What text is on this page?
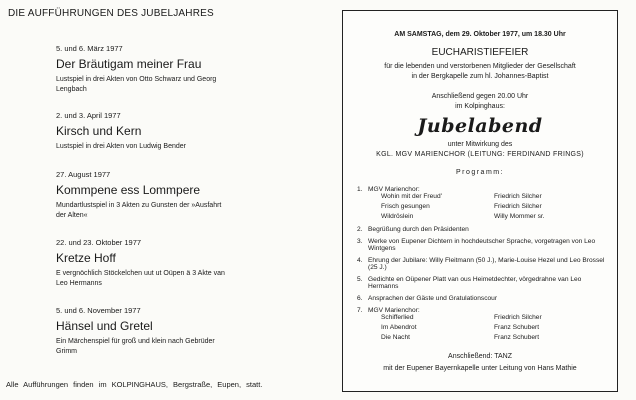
DIE AUFFÜHRUNGEN DES JUBELJAHRES

5. und 6. März 1977

Der Bräutigam meiner Frau

Lustspiel in drei Akten von Otto Schwarz und Georg Lengbach

2. und 3. April 1977

Kirsch und Kern

Lustspiel in drei Akten von Ludwig Bender

27. August 1977

Kommpene ess Lommpere

Mundartlustspiel in 3 Akten zu Gunsten der »Ausfahrt der Alten«

22. und 23. Oktober 1977

Kretze Hoff

E vergnöchlich Stöckelchen uut ut Oüpen ä 3 Akte van Leo Hermanns

5. und 6. November 1977

Hänsel und Gretel

Ein Märchenspiel für groß und klein nach Gebrüder Grimm

Alle Aufführungen finden im KOLPINGHAUS, Bergstraße, Eupen, statt.
AM SAMSTAG, dem 29. Oktober 1977, um 18.30 Uhr
EUCHARISTIEFEIER
für die lebenden und verstorbenen Mitglieder der Gesellschaft
in der Bergkapelle zum hl. Johannes-Baptist
Anschließend gegen 20.00 Uhr
im Kolpinghaus:
Jubelabend
unter Mitwirkung des
KGL. MGV MARIENCHOR (LEITUNG: FERDINAND FRINGS)
Programm:
1. MGV Marienchor:
Wohin mit der Freud'	Friedrich Silcher
Frisch gesungen	Friedrich Silcher
Wildröslein	Willy Mommer sr.
2. Begrüßung durch den Präsidenten
3. Werke von Eupener Dichtern in hochdeutscher Sprache, vorgetragen von Leo Wintgens
4. Ehrung der Jubilare: Willy Fleitmann (50 J.), Marie-Louise Hezel und Leo Brossel (25 J.)
5. Gedichte en Oüpener Platt van ous Heimetdechter, vörgedrahne van Leo Hermanns
6. Ansprachen der Gäste und Gratulationscour
7. MGV Marienchor:
Schifferlied	Friedrich Silcher
Im Abendrot	Franz Schubert
Die Nacht	Franz Schubert
Anschließend: TANZ
mit der Eupener Bayernkapelle unter Leitung von Hans Mathie
